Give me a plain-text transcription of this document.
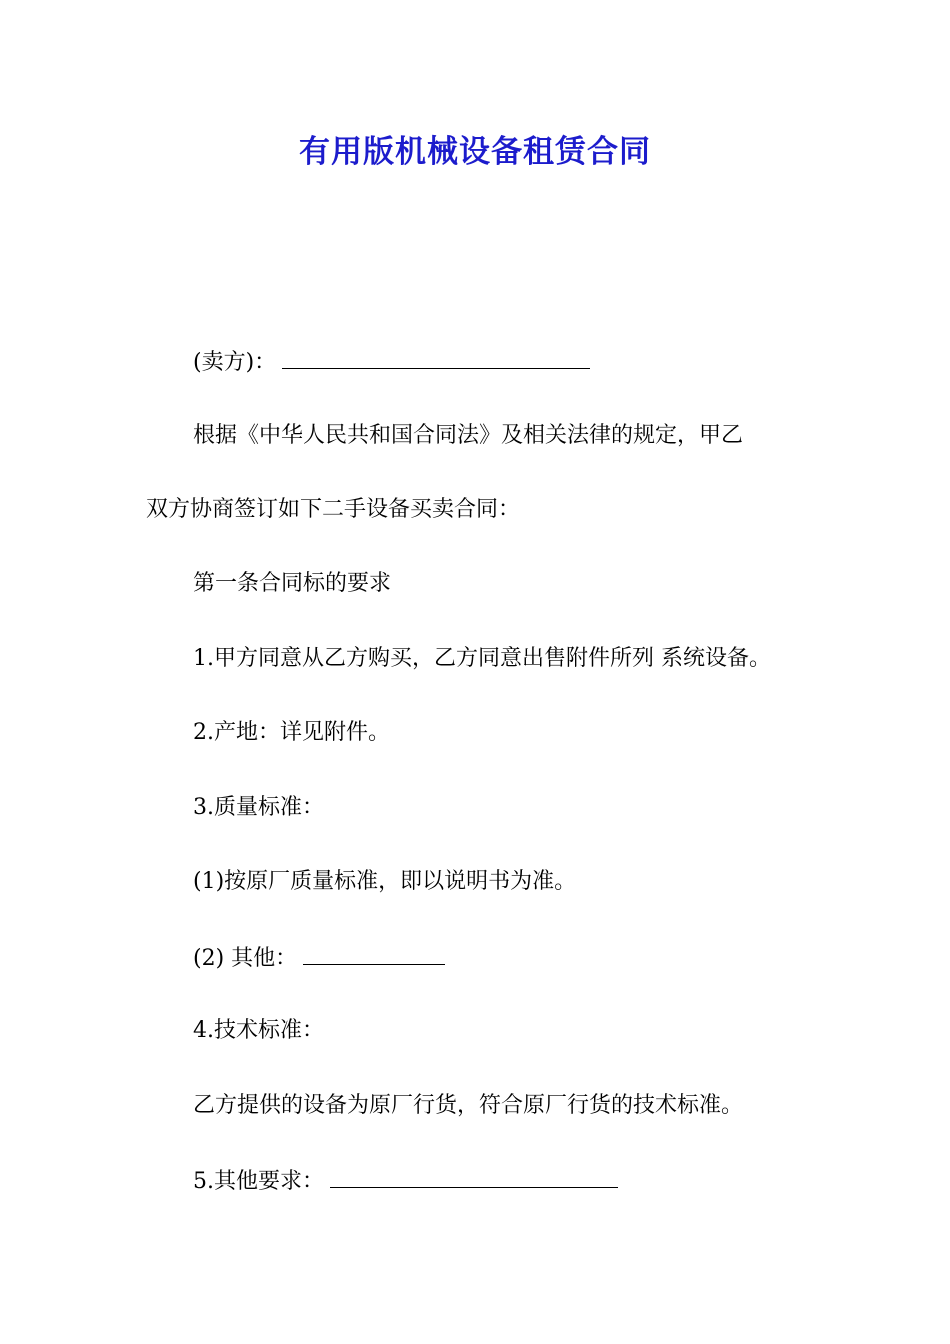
有用版机械设备租赁合同
(卖方)：
根据《中华人民共和国合同法》及相关法律的规定，甲乙
双方协商签订如下二手设备买卖合同：
第一条合同标的要求
1.甲方同意从乙方购买，乙方同意出售附件所列 系统设备。
2.产地：详见附件。
3.质量标准：
(1)按原厂质量标准，即以说明书为准。
(2) 其他：
4.技术标准：
乙方提供的设备为原厂行货，符合原厂行货的技术标准。
5.其他要求：
